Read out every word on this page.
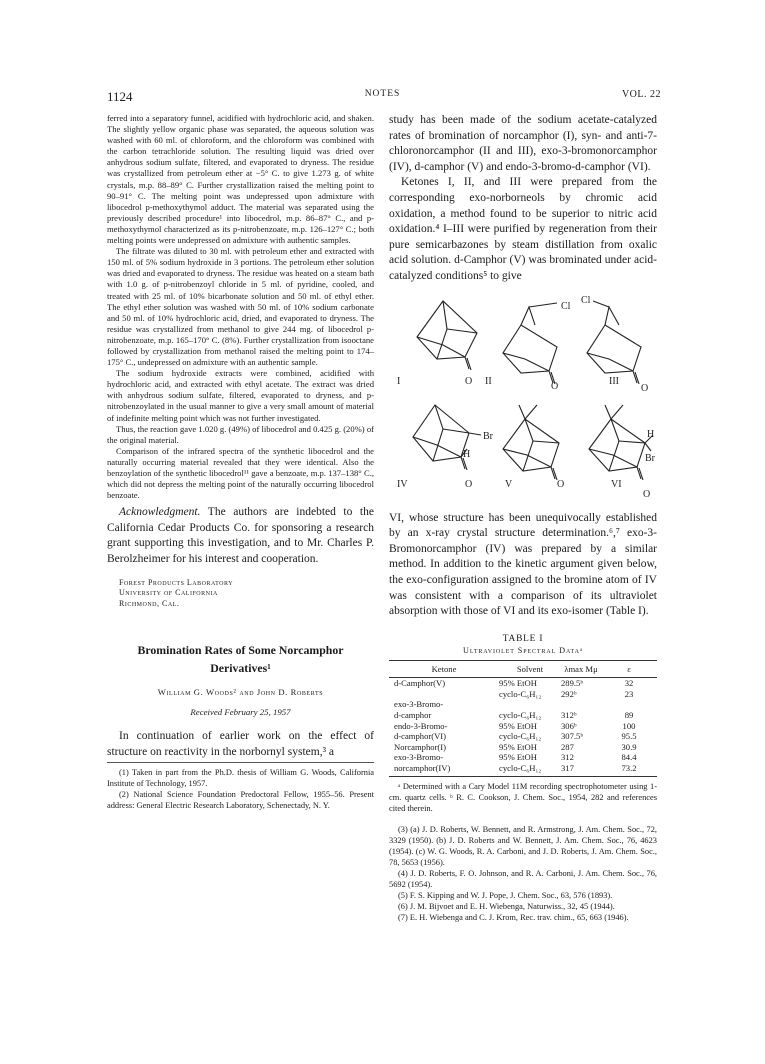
1124	NOTES	VOL. 22

ferred into a separatory funnel, acidified with hydrochloric acid, and shaken. The slightly yellow organic phase was separated, the aqueous solution was washed with 60 ml. of chloroform, and the chloroform was combined with the carbon tetrachloride solution. The resulting liquid was dried over anhydrous sodium sulfate, filtered, and evaporated to dryness. The residue was crystallized from petroleum ether at −5° C. to give 1.273 g. of white crystals, m.p. 88–89° C. Further crystallization raised the melting point to 90–91° C. The melting point was undepressed upon admixture with libocedrol p-methoxythymol adduct. The material was separated using the previously described procedure¹ into libocedrol, m.p. 86–87° C., and p-methoxythymol characterized as its p-nitrobenzoate, m.p. 126–127° C.; both melting points were undepressed on admixture with authentic samples.

The filtrate was diluted to 30 ml. with petroleum ether and extracted with 150 ml. of 5% sodium hydroxide in 3 portions. The petroleum ether solution was dried and evaporated to dryness. The residue was heated on a steam bath with 1.0 g. of p-nitrobenzoyl chloride in 5 ml. of pyridine, cooled, and treated with 25 ml. of 10% bicarbonate solution and 50 ml. of ethyl ether. The ethyl ether solution was washed with 50 ml. of 10% sodium carbonate and 50 ml. of 10% hydrochloric acid, dried, and evaporated to dryness. The residue was crystallized from methanol to give 244 mg. of libocedrol p-nitrobenzoate, m.p. 165–170° C. (8%). Further crystallization from isooctane followed by crystallization from methanol raised the melting point to 174–175° C., undepressed on admixture with an authentic sample.

The sodium hydroxide extracts were combined, acidified with hydrochloric acid, and extracted with ethyl acetate. The extract was dried with anhydrous sodium sulfate, filtered, evaporated to dryness, and p-nitrobenzoylated in the usual manner to give a very small amount of material of indefinite melting point which was not further investigated.

Thus, the reaction gave 1.020 g. (49%) of libocedrol and 0.425 g. (20%) of the original material.

Comparison of the infrared spectra of the synthetic libocedrol and the naturally occurring material revealed that they were identical. Also the benzoylation of the synthetic libocedrol¹¹ gave a benzoate, m.p. 137–138° C., which did not depress the melting point of the naturally occurring libocedrol benzoate.

Acknowledgment. The authors are indebted to the California Cedar Products Co. for sponsoring a research grant supporting this investigation, and to Mr. Charles P. Berolzheimer for his interest and cooperation.

Forest Products Laboratory
University of California
Richmond, Cal.
Bromination Rates of Some Norcamphor
Derivatives¹
William G. Woods² and John D. Roberts
Received February 25, 1957

In continuation of earlier work on the effect of structure on reactivity in the norbornyl system,³ a

(1) Taken in part from the Ph.D. thesis of William G. Woods, California Institute of Technology, 1957.

(2) National Science Foundation Predoctoral Fellow, 1955–56. Present address: General Electric Research Laboratory, Schenectady, N. Y.

study has been made of the sodium acetate-catalyzed rates of bromination of norcamphor (I), syn- and anti-7-chloronorcamphor (II and III), exo-3-bromonorcamphor (IV), d-camphor (V) and endo-3-bromo-d-camphor (VI).

Ketones I, II, and III were prepared from the corresponding exo-norborneols by chromic acid oxidation, a method found to be superior to nitric acid oxidation.⁴ I–III were purified by regeneration from their pure semicarbazones by steam distillation from oxalic acid solution. d-Camphor (V) was brominated under acid-catalyzed conditions⁵ to give

I	O
Cl
II	O
Cl
III
O
Br
H
IV	O	V	O
H
Br
VI
O

VI, whose structure has been unequivocally established by an x-ray crystal structure determination.⁶,⁷ exo-3-Bromonorcamphor (IV) was prepared by a similar method. In addition to the kinetic argument given below, the exo-configuration assigned to the bromine atom of IV was consistent with a comparison of its ultraviolet absorption with those of VI and its exo-isomer (Table I).

TABLE I
Ultraviolet Spectral Dataᵃ
Ketone	Solvent	λmax Mμ	ε
d-Camphor(V)	95% EtOH	289.5ᵇ	32
	cyclo-C₆H₁₂	292ᵇ	23
exo-3-Bromo-			
d-camphor	cyclo-C₆H₁₂	312ᵇ	89
endo-3-Bromo-	95% EtOH	306ᵇ	100
d-camphor(VI)	cyclo-C₆H₁₂	307.5ᵇ	95.5
Norcamphor(I)	95% EtOH	287	30.9
exo-3-Bromo-	95% EtOH	312	84.4
norcamphor(IV)	cyclo-C₆H₁₂	317	73.2

ᵃ Determined with a Cary Model 11M recording spectrophotometer using 1-cm. quartz cells. ᵇ R. C. Cookson, J. Chem. Soc., 1954, 282 and references cited therein.

(3) (a) J. D. Roberts, W. Bennett, and R. Armstrong, J. Am. Chem. Soc., 72, 3329 (1950). (b) J. D. Roberts and W. Bennett, J. Am. Chem. Soc., 76, 4623 (1954). (c) W. G. Woods, R. A. Carboni, and J. D. Roberts, J. Am. Chem. Soc., 78, 5653 (1956).

(4) J. D. Roberts, F. O. Johnson, and R. A. Carboni, J. Am. Chem. Soc., 76, 5692 (1954).

(5) F. S. Kipping and W. J. Pope, J. Chem. Soc., 63, 576 (1893).

(6) J. M. Bijvoet and E. H. Wiebenga, Naturwiss., 32, 45 (1944).

(7) E. H. Wiebenga and C. J. Krom, Rec. trav. chim., 65, 663 (1946).
